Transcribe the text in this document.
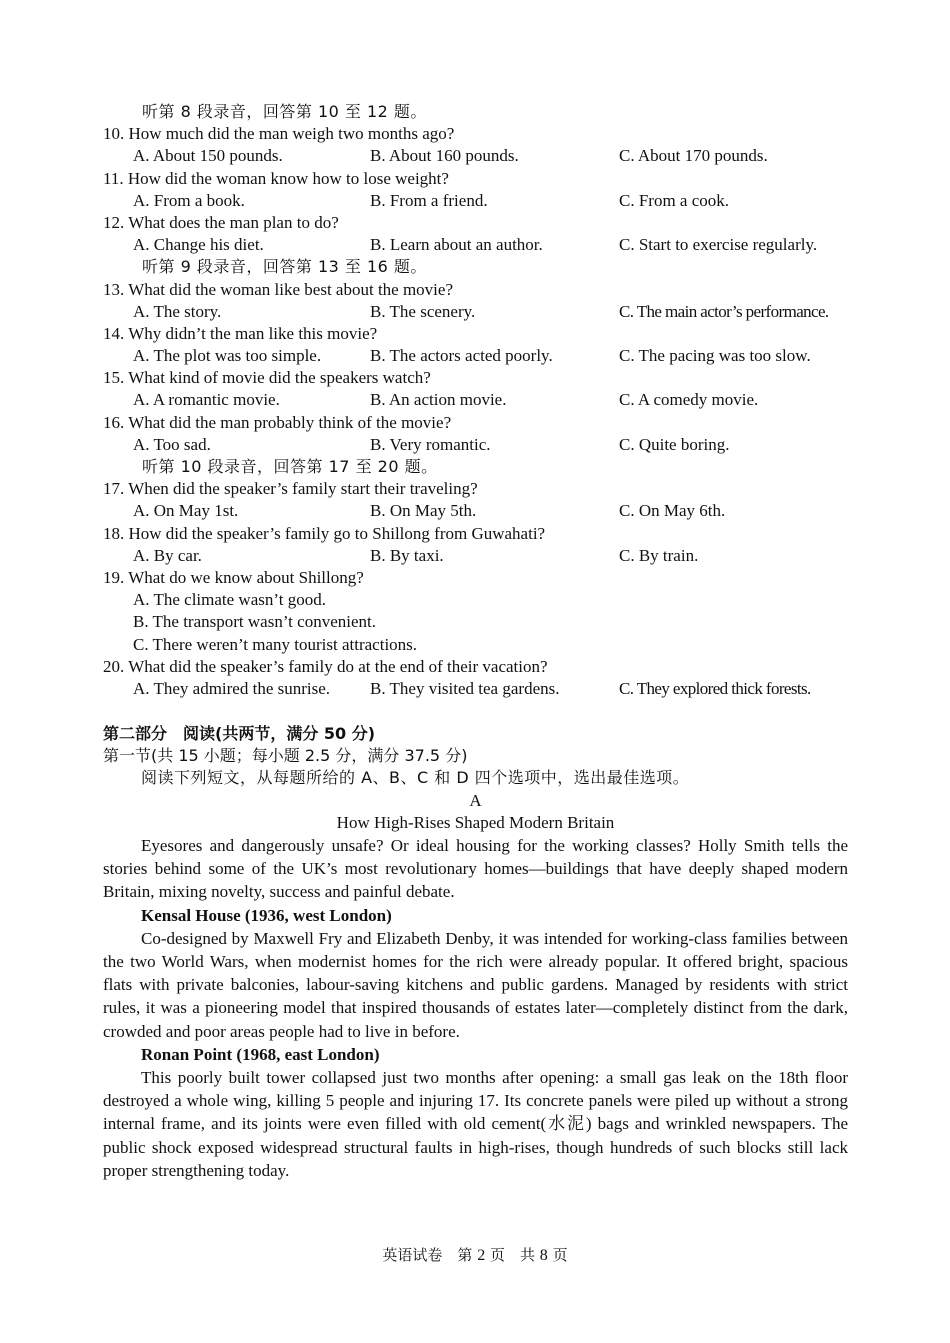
听第 8 段录音，回答第 10 至 12 题。
10. How much did the man weigh two months ago?
A. About 150 pounds.	B. About 160 pounds.	C. About 170 pounds.
11. How did the woman know how to lose weight?
A. From a book.	B. From a friend.	C. From a cook.
12. What does the man plan to do?
A. Change his diet.	B. Learn about an author.	C. Start to exercise regularly.
听第 9 段录音，回答第 13 至 16 题。
13. What did the woman like best about the movie?
A. The story.	B. The scenery.	C. The main actor’s performance.
14. Why didn’t the man like this movie?
A. The plot was too simple.	B. The actors acted poorly.	C. The pacing was too slow.
15. What kind of movie did the speakers watch?
A. A romantic movie.	B. An action movie.	C. A comedy movie.
16. What did the man probably think of the movie?
A. Too sad.	B. Very romantic.	C. Quite boring.
听第 10 段录音，回答第 17 至 20 题。
17. When did the speaker’s family start their traveling?
A. On May 1st.	B. On May 5th.	C. On May 6th.
18. How did the speaker’s family go to Shillong from Guwahati?
A. By car.	B. By taxi.	C. By train.
19. What do we know about Shillong?
A. The climate wasn’t good.
B. The transport wasn’t convenient.
C. There weren’t many tourist attractions.
20. What did the speaker’s family do at the end of their vacation?
A. They admired the sunrise. B. They visited tea gardens.	C. They explored thick forests.
第二部分　阅读(共两节，满分 50 分)
第一节(共 15 小题；每小题 2.5 分，满分 37.5 分)
阅读下列短文，从每题所给的 A、B、C 和 D 四个选项中，选出最佳选项。
A
How High-Rises Shaped Modern Britain

Eyesores and dangerously unsafe? Or ideal housing for the working classes? Holly Smith tells the stories behind some of the UK’s most revolutionary homes—buildings that have deeply shaped modern Britain, mixing novelty, success and painful debate.

Kensal House (1936, west London)

Co-designed by Maxwell Fry and Elizabeth Denby, it was intended for working-class families between the two World Wars, when modernist homes for the rich were already popular. It offered bright, spacious flats with private balconies, labour-saving kitchens and public gardens. Managed by residents with strict rules, it was a pioneering model that inspired thousands of estates later—completely distinct from the dark, crowded and poor areas people had to live in before.

Ronan Point (1968, east London)

This poorly built tower collapsed just two months after opening: a small gas leak on the 18th floor destroyed a whole wing, killing 5 people and injuring 17. Its concrete panels were piled up without a strong internal frame, and its joints were even filled with old cement(水泥) bags and wrinkled newspapers. The public shock exposed widespread structural faults in high-rises, though hundreds of such blocks still lack proper strengthening today.

英语试卷　第 2 页　共 8 页
